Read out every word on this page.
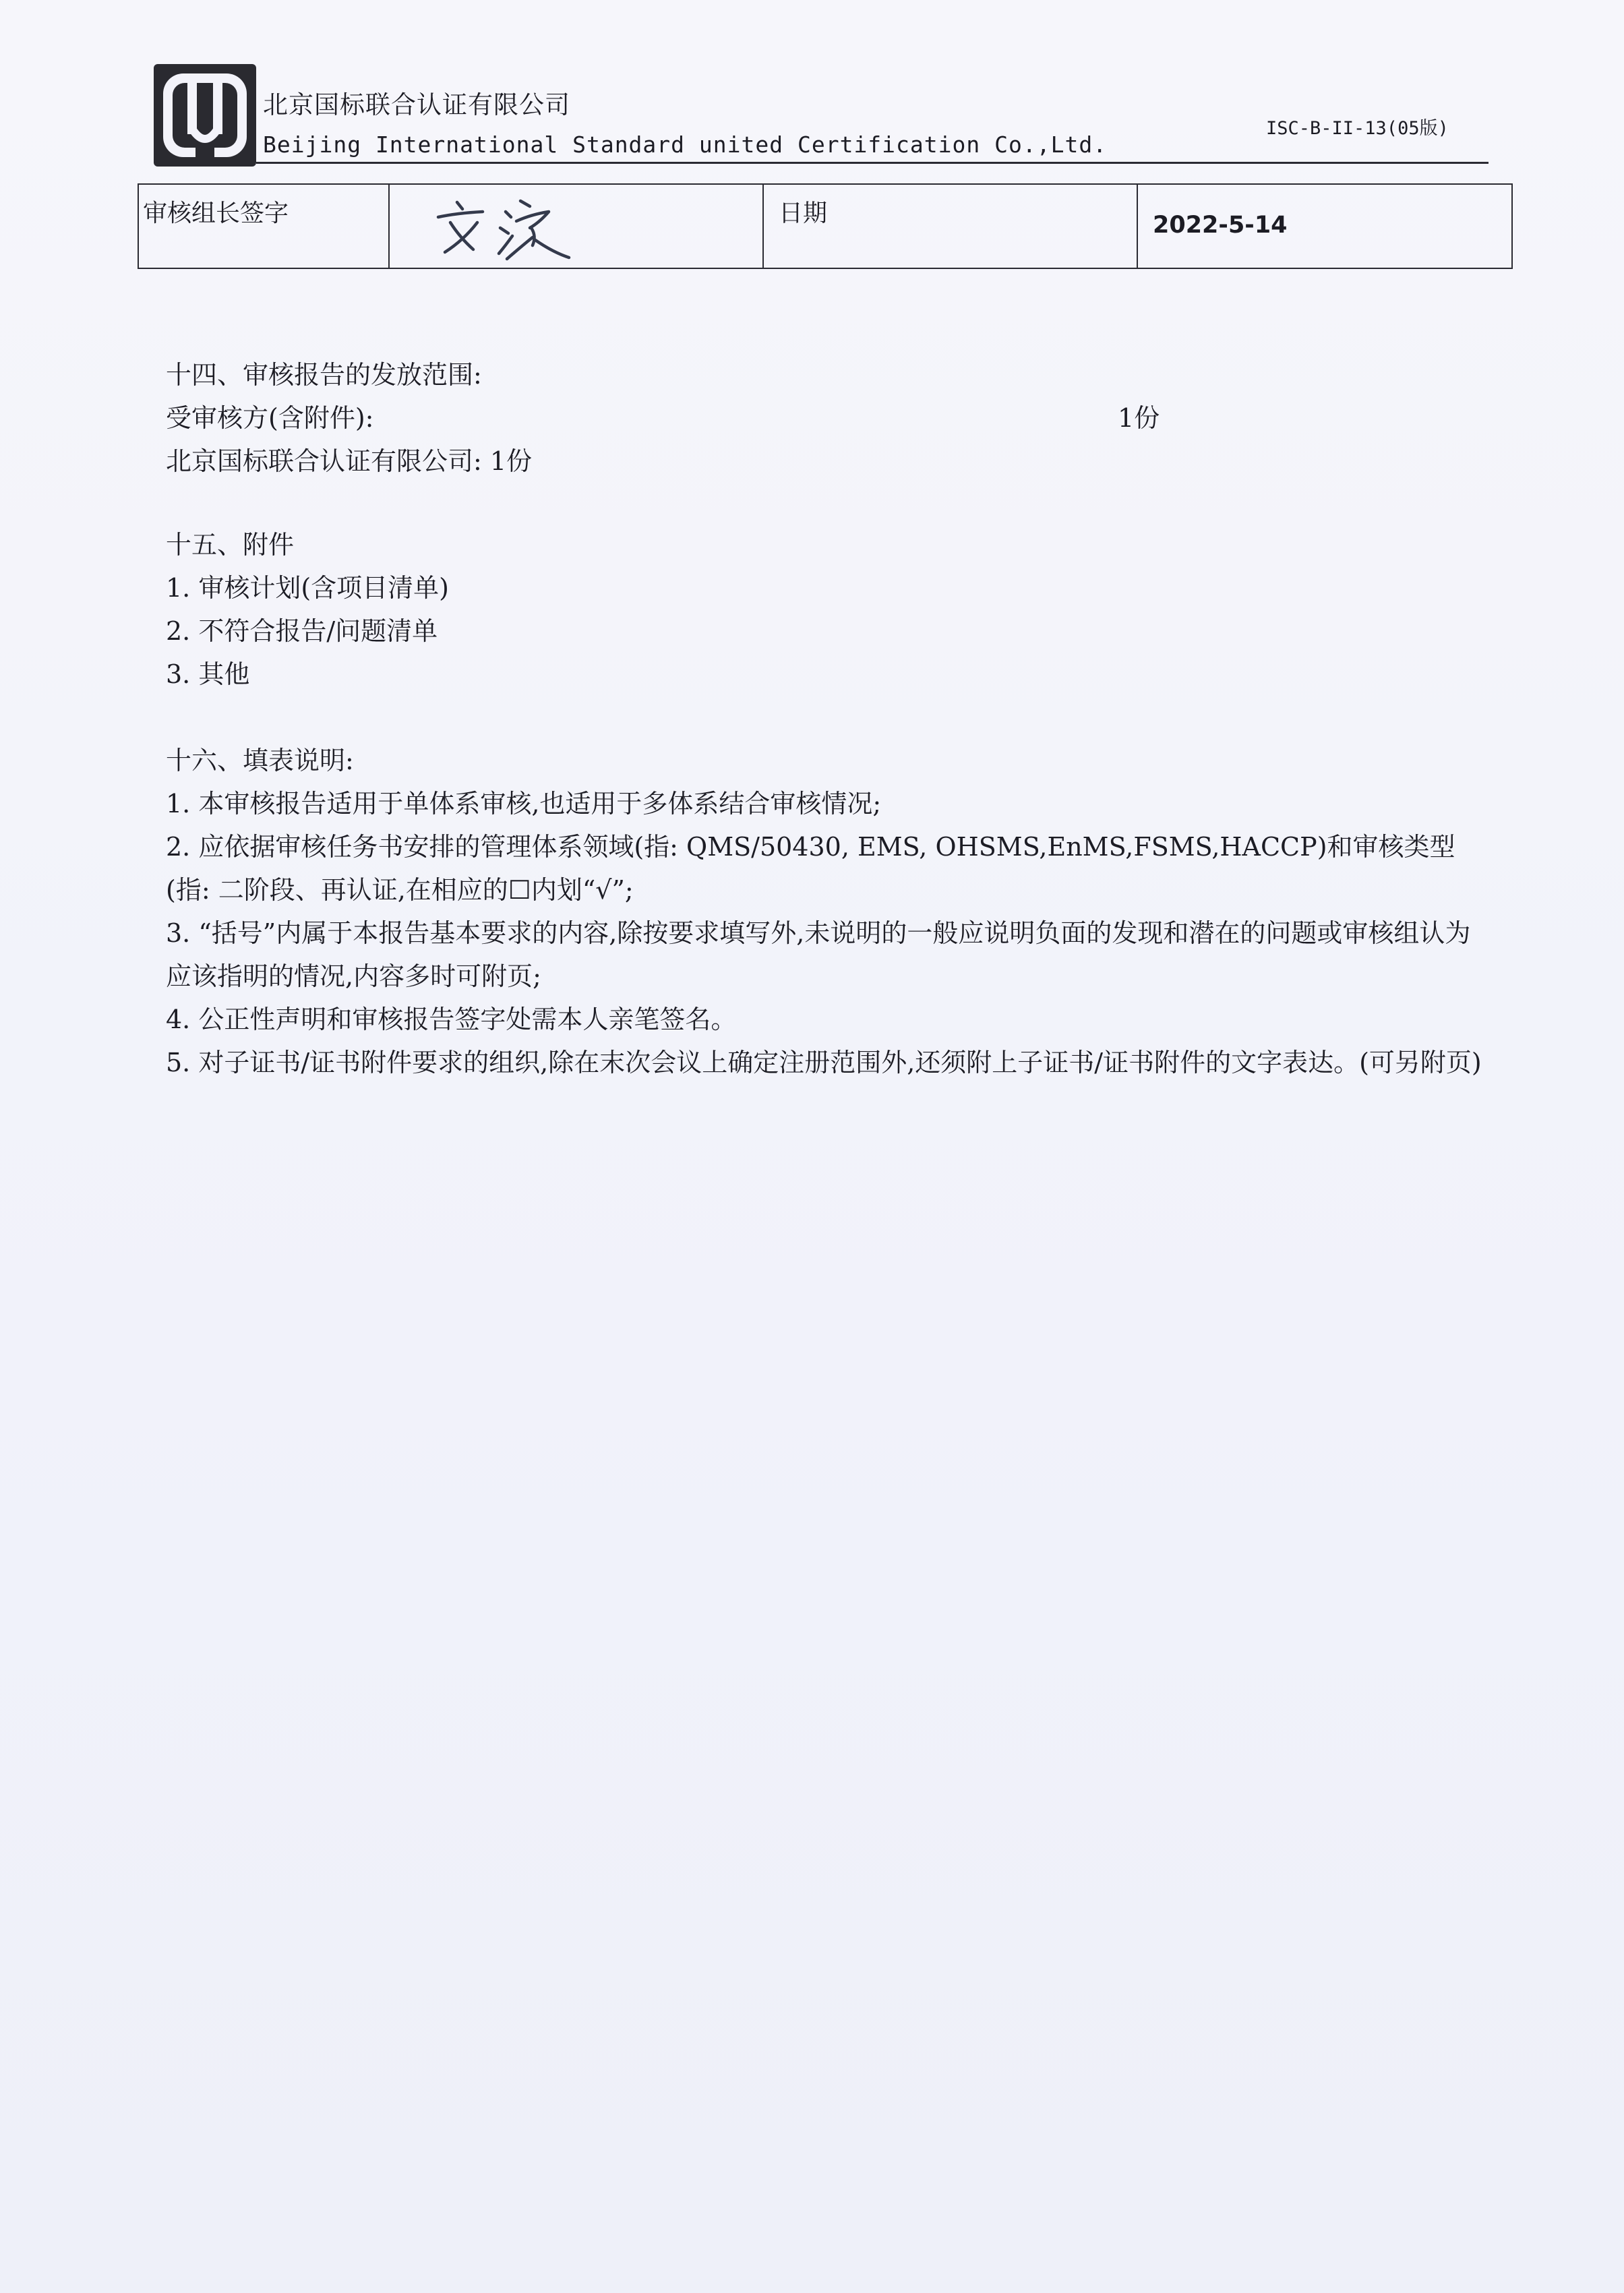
北京国标联合认证有限公司
Beijing International Standard united Certification Co.,Ltd.
ISC-B-II-13(05版)
审核组长签字	日期	2022-5-14
十四、审核报告的发放范围:
受审核方(含附件):
北京国标联合认证有限公司: 1份
1份
十五、附件
1. 审核计划(含项目清单)
2. 不符合报告/问题清单
3. 其他
十六、填表说明:
1. 本审核报告适用于单体系审核,也适用于多体系结合审核情况;
2. 应依据审核任务书安排的管理体系领域(指: QMS/50430, EMS, OHSMS,EnMS,FSMS,HACCP)和审核类型(指: 二阶段、再认证,在相应的☐内划“√”;
3. “括号”内属于本报告基本要求的内容,除按要求填写外,未说明的一般应说明负面的发现和潜在的问题或审核组认为应该指明的情况,内容多时可附页;
4. 公正性声明和审核报告签字处需本人亲笔签名。
5. 对子证书/证书附件要求的组织,除在末次会议上确定注册范围外,还须附上子证书/证书附件的文字表达。(可另附页)
